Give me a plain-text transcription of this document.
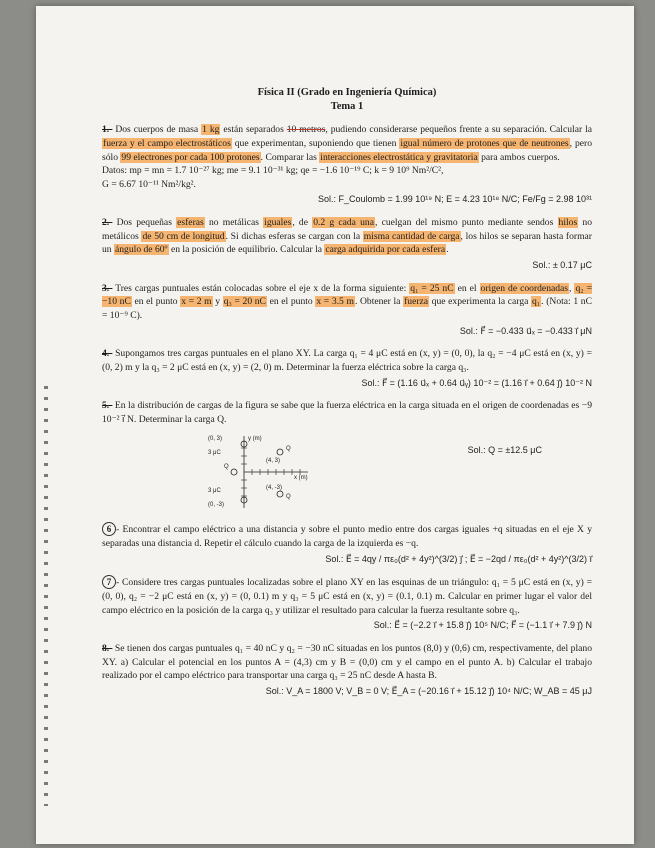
Física II (Grado en Ingeniería Química)
Tema 1
1.- Dos cuerpos de masa 1 kg están separados 10 metros, pudiendo considerarse pequeños frente a su separación. Calcular la fuerza y el campo electrostáticos que experimentan, suponiendo que tienen igual número de protones que de neutrones, pero sólo 99 electrones por cada 100 protones. Comparar las interacciones electrostática y gravitatoria para ambos cuerpos.
Datos: mp = mn = 1.7 10⁻²⁷ kg; me = 9.1 10⁻³¹ kg; qe = −1.6 10⁻¹⁹ C; k = 9 10⁹ Nm²/C²,
G = 6.67 10⁻¹¹ Nm²/kg².
Sol.: F_Coulomb = 1.99 10¹⁹ N; E = 4.23 10¹⁸ N/C; Fe/Fg = 2.98 10³¹
2.- Dos pequeñas esferas no metálicas iguales, de 0.2 g cada una, cuelgan del mismo punto mediante sendos hilos no metálicos de 50 cm de longitud. Si dichas esferas se cargan con la misma cantidad de carga, los hilos se separan hasta formar un ángulo de 60º en la posición de equilibrio. Calcular la carga adquirida por cada esfera.
Sol.: ± 0.17 μC
3.- Tres cargas puntuales están colocadas sobre el eje x de la forma siguiente: q₁ = 25 nC en el origen de coordenadas, q₂ = −10 nC en el punto x = 2 m y q₃ = 20 nC en el punto x = 3.5 m. Obtener la fuerza que experimenta la carga q₁. (Nota: 1 nC = 10⁻⁹ C).
Sol.: F⃗ = −0.433 u⃗ₓ = −0.433 ı⃗ μN
4.- Supongamos tres cargas puntuales en el plano XY. La carga q₁ = 4 μC está en (x, y) = (0, 0), la q₂ = −4 μC está en (x, y) = (0, 2) m y la q₃ = 2 μC está en (x, y) = (2, 0) m. Determinar la fuerza eléctrica sobre la carga q₃.
Sol.: F⃗ = (1.16 u⃗ₓ + 0.64 u⃗ᵧ) 10⁻² = (1.16 ı⃗ + 0.64 ȷ⃗) 10⁻² N
5.- En la distribución de cargas de la figura se sabe que la fuerza eléctrica en la carga situada en el origen de coordenadas es −9 10⁻² ı⃗ N. Determinar la carga Q.
(0, 3)	y (m)
Q
3 μC
(4, 3)
Q
x (m)
3 μC	(4, -3)
(0, -3)
Q
Sol.: Q = ±12.5 μC
6 - Encontrar el campo eléctrico a una distancia y sobre el punto medio entre dos cargas iguales +q situadas en el eje X y separadas una distancia d. Repetir el cálculo cuando la carga de la izquierda es −q.
Sol.: E⃗ = 4qy / πε₀(d² + 4y²)^(3/2) ȷ⃗ ; E⃗ = −2qd / πε₀(d² + 4y²)^(3/2) ı⃗
7 - Considere tres cargas puntuales localizadas sobre el plano XY en las esquinas de un triángulo: q₁ = 5 μC está en (x, y) = (0, 0), q₂ = −2 μC está en (x, y) = (0, 0.1) m y q₃ = 5 μC está en (x, y) = (0.1, 0.1) m. Calcular en primer lugar el valor del campo eléctrico en la posición de la carga q₃ y utilizar el resultado para calcular la fuerza resultante sobre q₃.
Sol.: E⃗ = (−2.2 ı⃗ + 15.8 ȷ⃗) 10⁵ N/C; F⃗ = (−1.1 ı⃗ + 7.9 ȷ⃗) N
8.- Se tienen dos cargas puntuales q₁ = 40 nC y q₂ = −30 nC situadas en los puntos (8,0) y (0,6) cm, respectivamente, del plano XY. a) Calcular el potencial en los puntos A = (4,3) cm y B = (0,0) cm y el campo en el punto A. b) Calcular el trabajo realizado por el campo eléctrico para transportar una carga q₃ = 25 nC desde A hasta B.
Sol.: V_A = 1800 V; V_B = 0 V; E⃗_A = (−20.16 ı⃗ + 15.12 ȷ⃗) 10⁴ N/C; W_AB = 45 μJ
